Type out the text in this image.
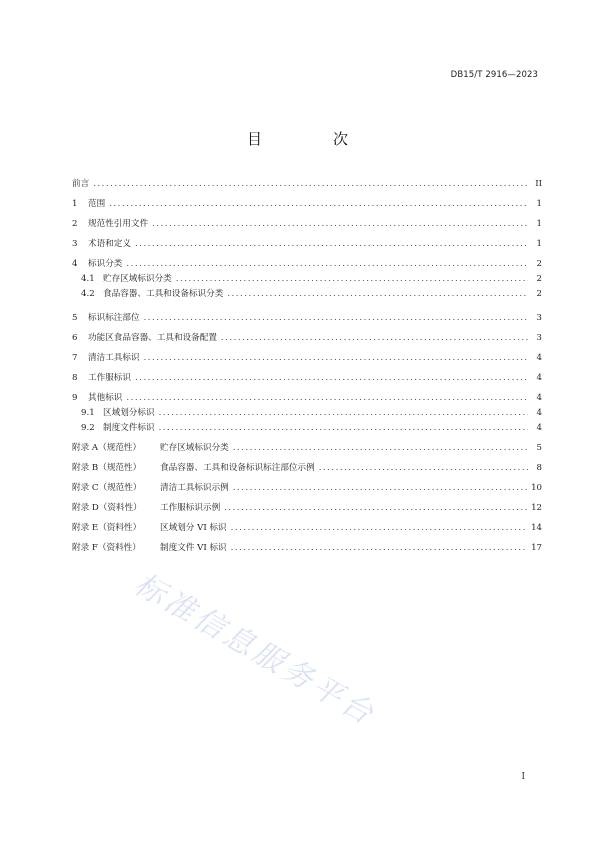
DB15/T 2916—2023
目　次
前言 .....	II
1	范围 .....	1
2	规范性引用文件 .....	1
3	术语和定义 .....	1
4	标识分类 .....	2
4.1 贮存区域标识分类 .....	2
4.2 食品容器、工具和设备标识分类 .....	2
5	标识标注部位 .....	3
6	功能区食品容器、工具和设备配置 .....	3
7	清洁工具标识 .....	4
8	工作服标识 .....	4
9	其他标识 .....	4
9.1 区域划分标识 .....	4
9.2 制度文件标识 .....	4
附录 A（规范性）	贮存区域标识分类 .....	5
附录 B（规范性）	食品容器、工具和设备标识标注部位示例 .....	8
附录 C（规范性）	清洁工具标识示例 .....	10
附录 D（资料性）	工作服标识示例 .....	12
附录 E（资料性）	区域划分 VI 标识 .....	14
附录 F（资料性）	制度文件 VI 标识 .....	17
标准信息服务平台
I
